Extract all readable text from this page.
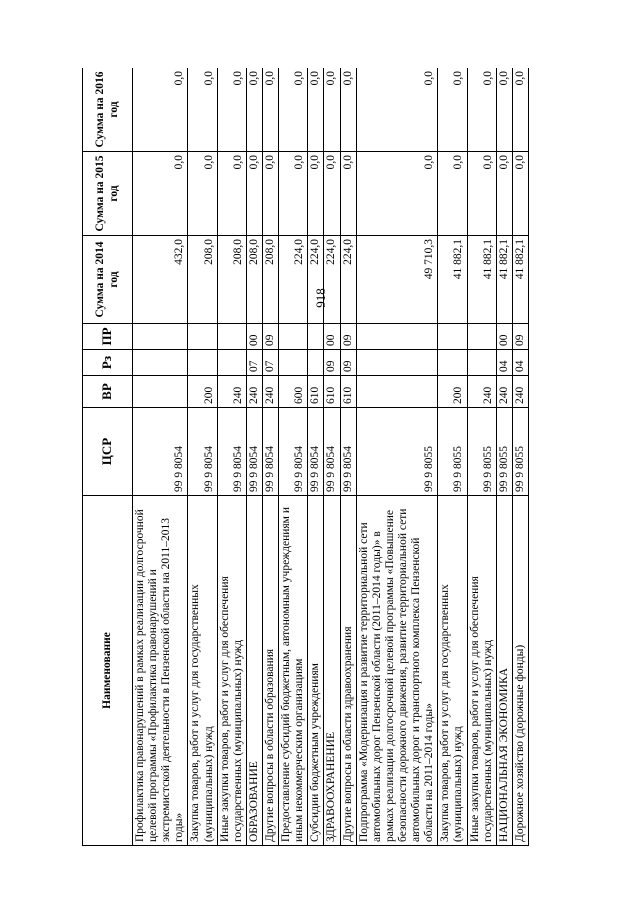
918
Наименование	ЦСР	ВР	Рз	ПР	Сумма на 2014 год	Сумма на 2015 год	Сумма на 2016 год
Профилактика правонарушений в рамках реализации долгосрочной целевой программы «Профилактика правонарушений и экстремистской деятельности в Пензенской области на 2011–2013 годы»	99 9 8054				432,0	0,0	0,0
Закупка товаров, работ и услуг для государственных (муниципальных) нужд	99 9 8054	200			208,0	0,0	0,0
Иные закупки товаров, работ и услуг для обеспечения государственных (муниципальных) нужд	99 9 8054	240			208,0	0,0	0,0
ОБРАЗОВАНИЕ	99 9 8054	240	07	00	208,0	0,0	0,0
Другие вопросы в области образования	99 9 8054	240	07	09	208,0	0,0	0,0
Предоставление субсидий бюджетным, автономным учреждениям и иным некоммерческим организациям	99 9 8054	600			224,0	0,0	0,0
Субсидии бюджетным учреждениям	99 9 8054	610			224,0	0,0	0,0
ЗДРАВООХРАНЕНИЕ	99 9 8054	610	09	00	224,0	0,0	0,0
Другие вопросы в области здравоохранения	99 9 8054	610	09	09	224,0	0,0	0,0
Подпрограмма «Модернизация и развитие территориальной сети автомобильных дорог Пензенской области (2011–2014 годы)» в рамках реализации долгосрочной целевой программы «Повышение безопасности дорожного движения, развитие территориальной сети автомобильных дорог и транспортного комплекса Пензенской области на 2011–2014 годы»	99 9 8055				49 710,3	0,0	0,0
Закупка товаров, работ и услуг для государственных (муниципальных) нужд	99 9 8055	200			41 882,1	0,0	0,0
Иные закупки товаров, работ и услуг для обеспечения государственных (муниципальных) нужд	99 9 8055	240			41 882,1	0,0	0,0
НАЦИОНАЛЬНАЯ ЭКОНОМИКА	99 9 8055	240	04	00	41 882,1	0,0	0,0
Дорожное хозяйство (дорожные фонды)	99 9 8055	240	04	09	41 882,1	0,0	0,0
